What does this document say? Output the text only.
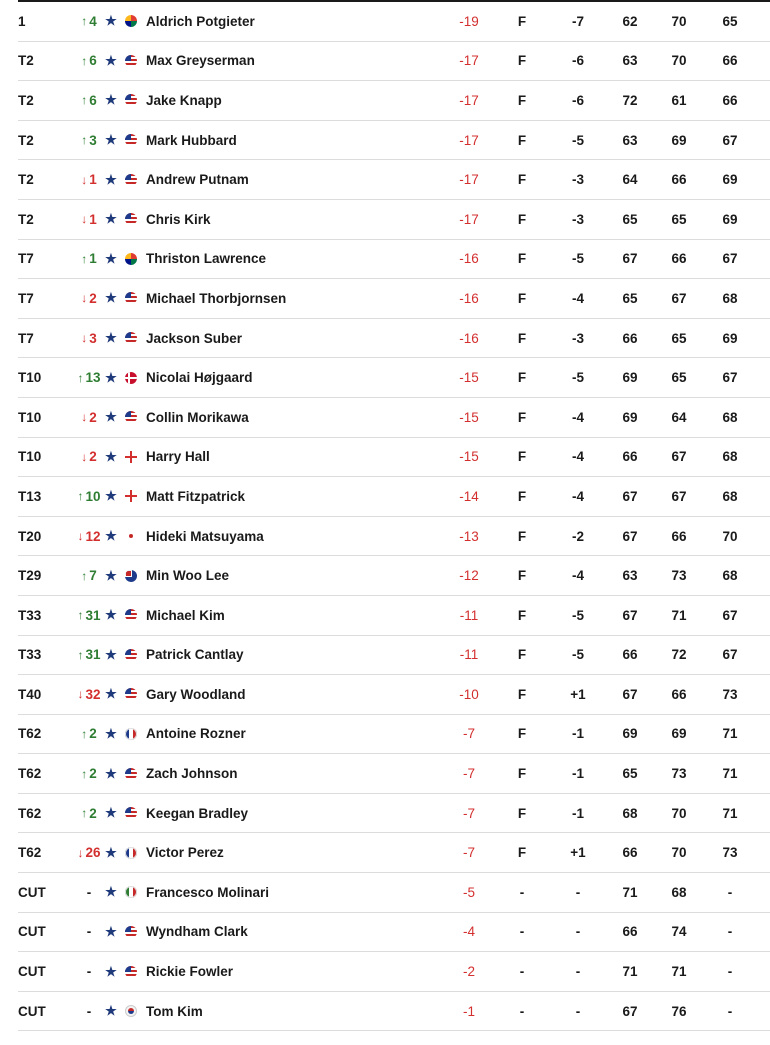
1	↑ 4 ★ Aldrich Potgieter	-19	F	-7	62	70	65
T2	↑ 6 ★ Max Greyserman	-17	F	-6	63	70	66
T2	↑ 6 ★ Jake Knapp	-17	F	-6	72	61	66
T2	↑ 3 ★ Mark Hubbard	-17	F	-5	63	69	67
T2	↓ 1 ★ Andrew Putnam	-17	F	-3	64	66	69
T2	↓ 1 ★ Chris Kirk	-17	F	-3	65	65	69
T7	↑ 1 ★ Thriston Lawrence	-16	F	-5	67	66	67
T7	↓ 2 ★ Michael Thorbjornsen	-16	F	-4	65	67	68
T7	↓ 3 ★ Jackson Suber	-16	F	-3	66	65	69
T10	↑ 13 ★ Nicolai Højgaard	-15	F	-5	69	65	67
T10	↓ 2 ★ Collin Morikawa	-15	F	-4	69	64	68
T10	↓ 2 ★ Harry Hall	-15	F	-4	66	67	68
T13	↑ 10 ★ Matt Fitzpatrick	-14	F	-4	67	67	68
T20	↓ 12 ★ Hideki Matsuyama	-13	F	-2	67	66	70
T29	↑ 7 ★ Min Woo Lee	-12	F	-4	63	73	68
T33	↑ 31 ★ Michael Kim	-11	F	-5	67	71	67
T33	↑ 31 ★ Patrick Cantlay	-11	F	-5	66	72	67
T40	↓ 32 ★ Gary Woodland	-10	F	+1	67	66	73
T62	↑ 2 ★ Antoine Rozner	-7	F	-1	69	69	71
T62	↑ 2 ★ Zach Johnson	-7	F	-1	65	73	71
T62	↑ 2 ★ Keegan Bradley	-7	F	-1	68	70	71
T62	↓ 26 ★ Victor Perez	-7	F	+1	66	70	73
CUT	- ★ Francesco Molinari	-5	-	-	71	68	-
CUT	- ★ Wyndham Clark	-4	-	-	66	74	-
CUT	- ★ Rickie Fowler	-2	-	-	71	71	-
CUT	- ★ Tom Kim	-1	-	-	67	76	-
